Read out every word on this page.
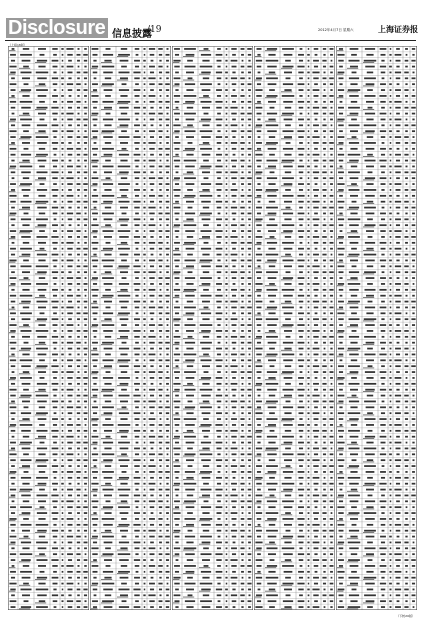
Disclosure 信息披露
/19	2012年4月7日 星期六	上海证券报
（上接18版）
（下转20版）
